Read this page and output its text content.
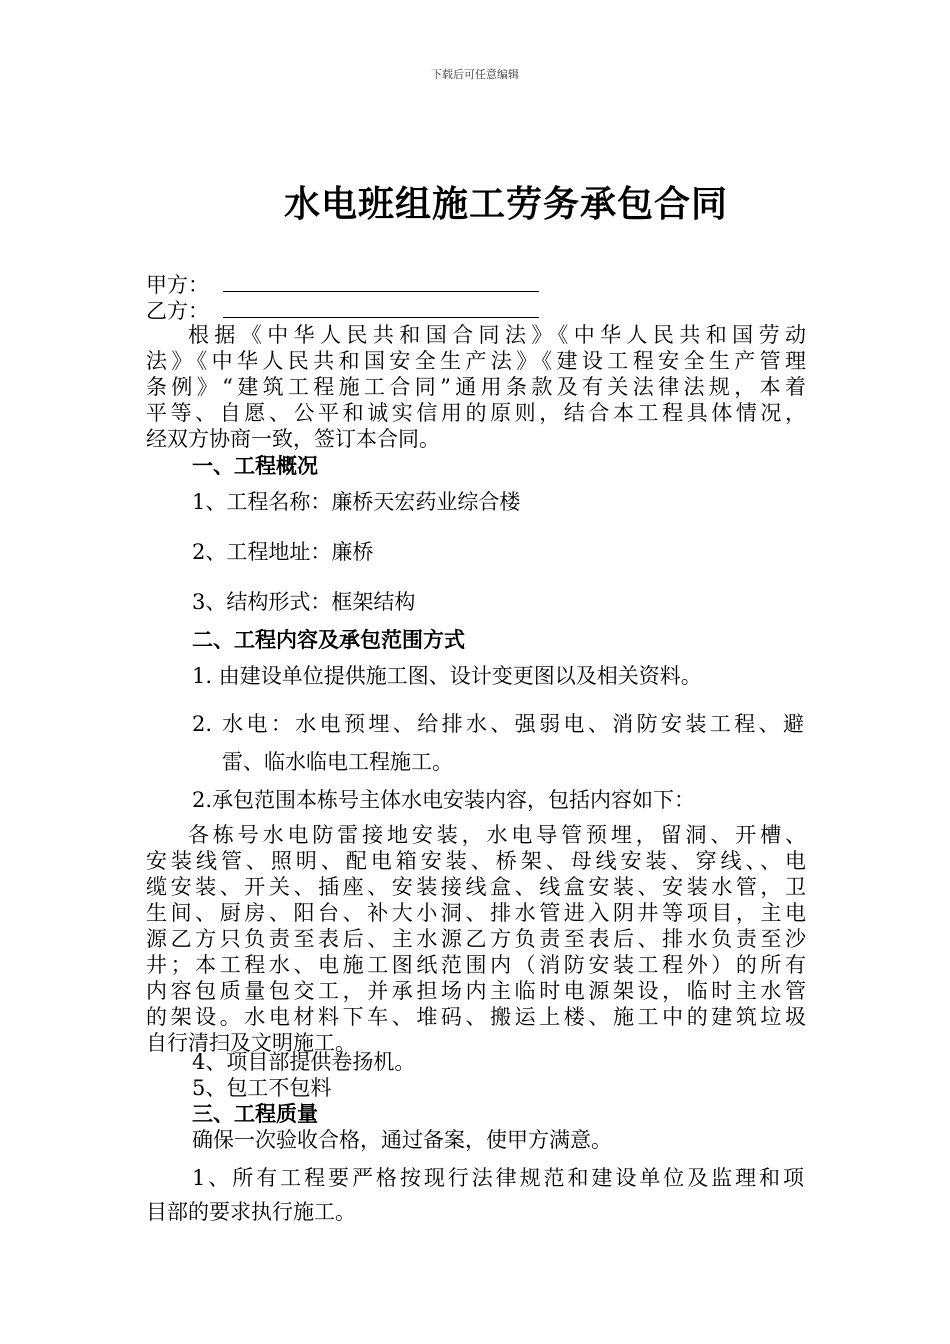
下载后可任意编辑
水电班组施工劳务承包合同
甲方：
乙方：
根据《中华人民共和国合同法》《中华人民共和国劳动
法》《中华人民共和国安全生产法》《建设工程安全生产管理
条例》“建筑工程施工合同”通用条款及有关法律法规，本着
平等、自愿、公平和诚实信用的原则，结合本工程具体情况，
经双方协商一致，签订本合同。
一、工程概况
1、工程名称：廉桥天宏药业综合楼
2、工程地址：廉桥
3、结构形式：框架结构
二、工程内容及承包范围方式
1. 由建设单位提供施工图、设计变更图以及相关资料。
2. 水电：水电预埋、给排水、强弱电、消防安装工程、避
雷、临水临电工程施工。
2.承包范围本栋号主体水电安装内容，包括内容如下：
各栋号水电防雷接地安装，水电导管预埋，留洞、开槽、
安装线管、照明、配电箱安装、桥架、母线安装、穿线、、电
缆安装、开关、插座、安装接线盒、线盒安装、安装水管，卫
生间、厨房、阳台、补大小洞、排水管进入阴井等项目，主电
源乙方只负责至表后、主水源乙方负责至表后、排水负责至沙
井；本工程水、电施工图纸范围内（消防安装工程外）的所有
内容包质量包交工，并承担场内主临时电源架设，临时主水管
的架设。水电材料下车、堆码、搬运上楼、施工中的建筑垃圾
自行清扫及文明施工。
4、项目部提供卷扬机。
5、包工不包料
三、工程质量
确保一次验收合格，通过备案，使甲方满意。
1、所有工程要严格按现行法律规范和建设单位及监理和项
目部的要求执行施工。
